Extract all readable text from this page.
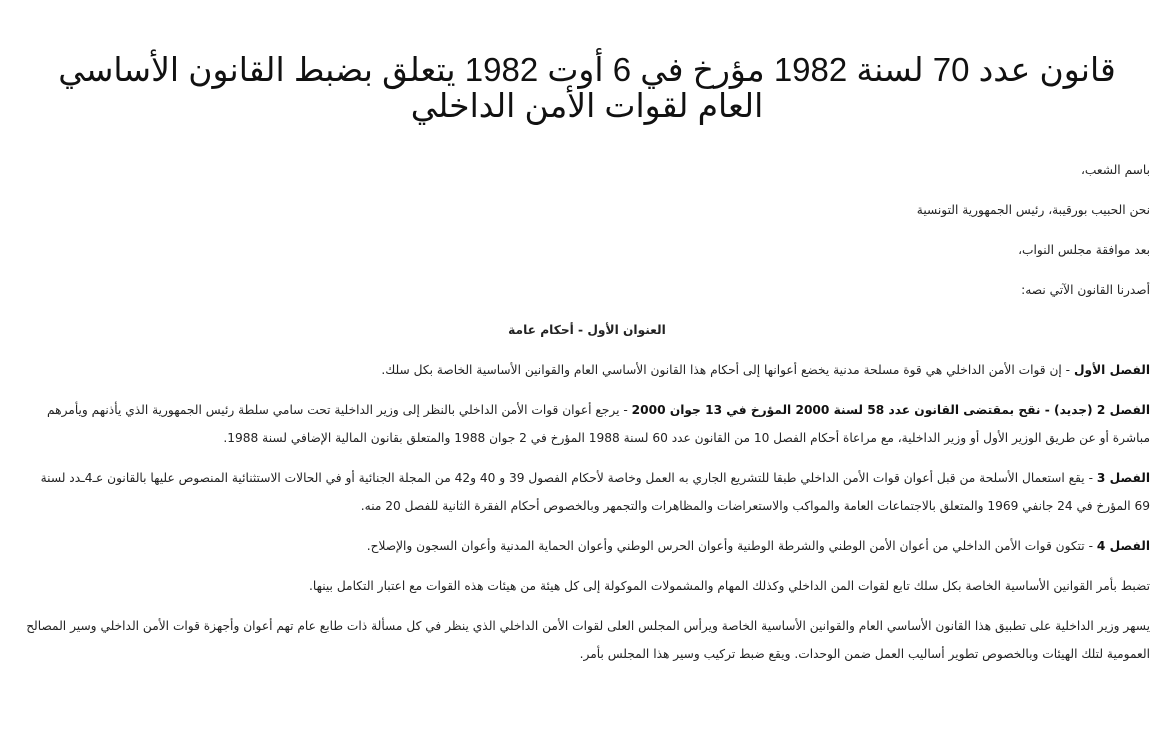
قانون عدد 70 لسنة 1982 مؤرخ في 6 أوت 1982 يتعلق بضبط القانون الأساسي العام لقوات الأمن الداخلي

باسم الشعب،

نحن الحبيب بورقيبة، رئيس الجمهورية التونسية

بعد موافقة مجلس النواب،

أصدرنا القانون الآتي نصه:

العنوان الأول - أحكام عامة

الفصل الأول - إن قوات الأمن الداخلي هي قوة مسلحة مدنية يخضع أعوانها إلى أحكام هذا القانون الأساسي العام والقوانين الأساسية الخاصة بكل سلك.

الفصل 2 (جديد) - نقح بمقتضى القانون عدد 58 لسنة 2000 المؤرخ في 13 جوان 2000 - يرجع أعوان قوات الأمن الداخلي بالنظر إلى وزير الداخلية تحت سامي سلطة رئيس الجمهورية الذي يأذنهم ويأمرهم مباشرة أو عن طريق الوزير الأول أو وزير الداخلية، مع مراعاة أحكام الفصل 10 من القانون عدد 60 لسنة 1988 المؤرخ في 2 جوان 1988 والمتعلق بقانون المالية الإضافي لسنة 1988.

الفصل 3 - يقع استعمال الأسلحة من قبل أعوان قوات الأمن الداخلي طبقا للتشريع الجاري به العمل وخاصة لأحكام الفصول 39 و 40 و42 من المجلة الجنائية أو في الحالات الاستثنائية المنصوص عليها بالقانون عـ4ـدد لسنة 69 المؤرخ في 24 جانفي 1969 والمتعلق بالاجتماعات العامة والمواكب والاستعراضات والمظاهرات والتجمهر وبالخصوص أحكام الفقرة الثانية للفصل 20 منه.

الفصل 4 - تتكون قوات الأمن الداخلي من أعوان الأمن الوطني والشرطة الوطنية وأعوان الحرس الوطني وأعوان الحماية المدنية وأعوان السجون والإصلاح.

تضبط بأمر القوانين الأساسية الخاصة بكل سلك تابع لقوات المن الداخلي وكذلك المهام والمشمولات الموكولة إلى كل هيئة من هيئات هذه القوات مع اعتبار التكامل بينها.

يسهر وزير الداخلية على تطبيق هذا القانون الأساسي العام والقوانين الأساسية الخاصة ويرأس المجلس العلى لقوات الأمن الداخلي الذي ينظر في كل مسألة ذات طابع عام تهم أعوان وأجهزة قوات الأمن الداخلي وسير المصالح العمومية لتلك الهيئات وبالخصوص تطوير أساليب العمل ضمن الوحدات. ويقع ضبط تركيب وسير هذا المجلس بأمر.
